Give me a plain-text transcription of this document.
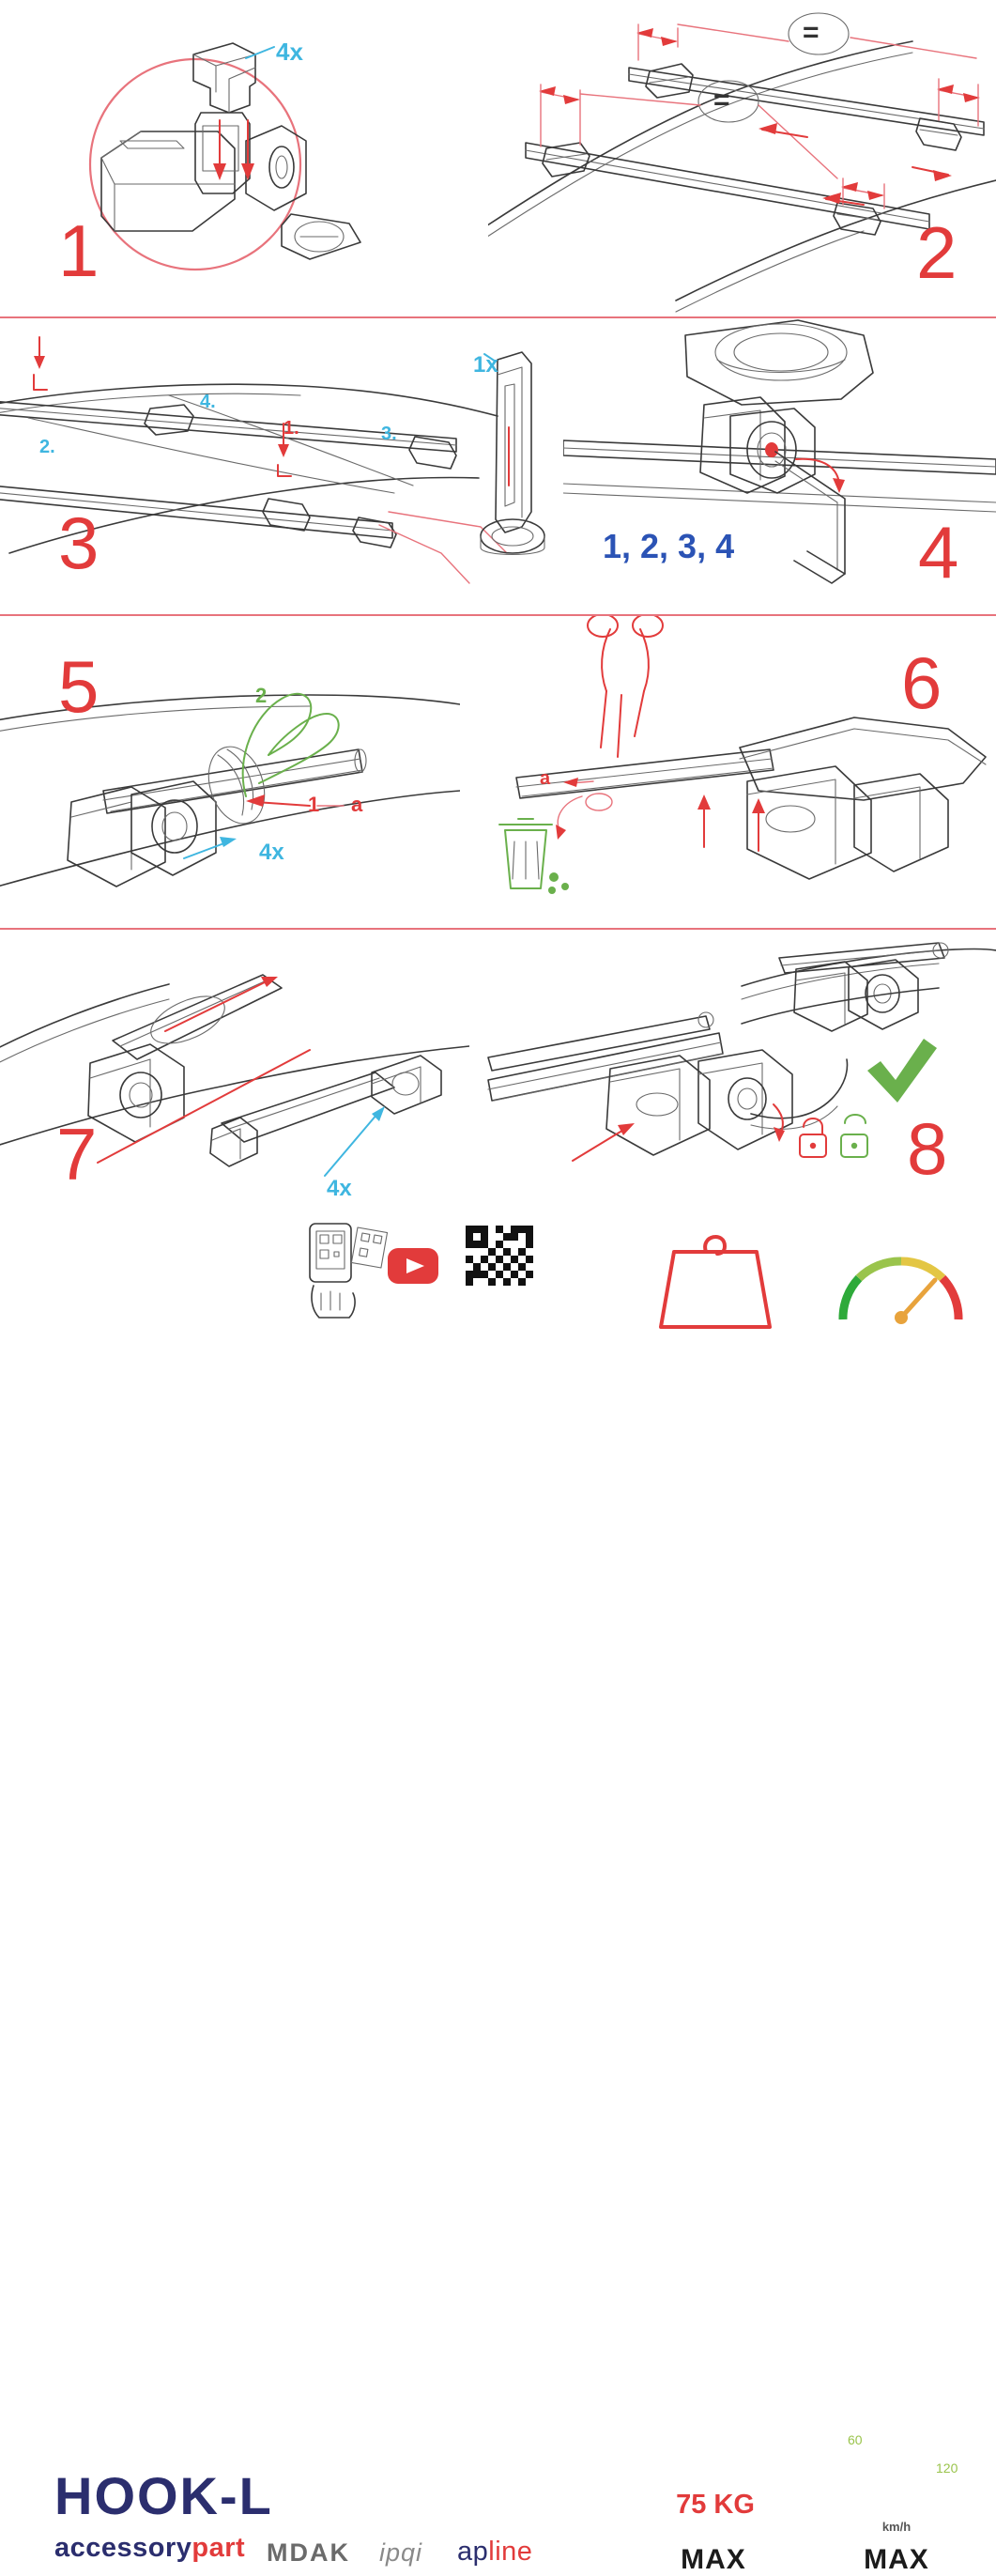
4x
1
=
=
2
1x
1.
2.
3.
4.
3	1, 2, 3, 4	4
5	2
1 a
4x
6
a
7	4x	8
HOOK-L
accessorypart MDAK ipqi apline
75 KG
MAX	MAX
km/h
60
120
